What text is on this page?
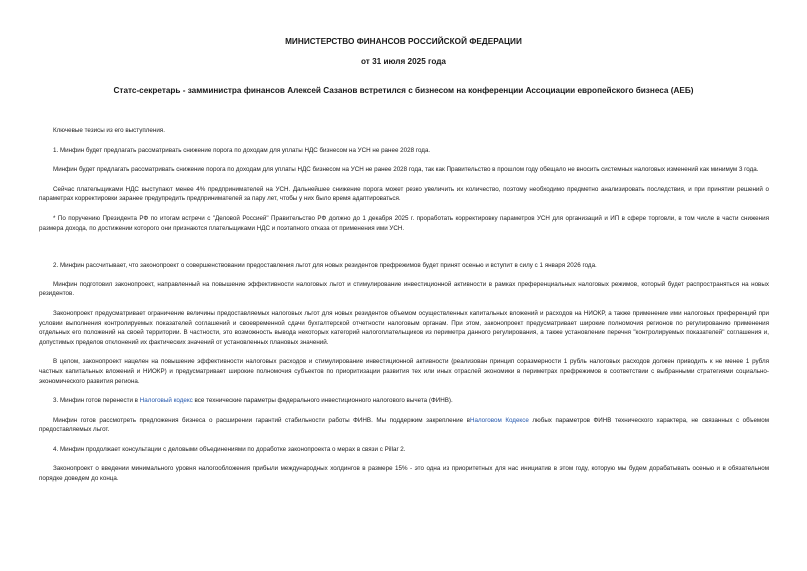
МИНИСТЕРСТВО ФИНАНСОВ РОССИЙСКОЙ ФЕДЕРАЦИИ
от 31 июля 2025 года
Статс-секретарь - замминистра финансов Алексей Сазанов встретился с бизнесом на конференции Ассоциации европейского бизнеса (АЕБ)

Ключевые тезисы из его выступления.

1. Минфин будет предлагать рассматривать снижение порога по доходам для уплаты НДС бизнесом на УСН не ранее 2028 года.

Минфин будет предлагать рассматривать снижение порога по доходам для уплаты НДС бизнесом на УСН не ранее 2028 года, так как Правительство в прошлом году обещало не вносить системных налоговых изменений как минимум 3 года.

Сейчас плательщиками НДС выступают менее 4% предпринимателей на УСН. Дальнейшее снижение порога может резко увеличить их количество, поэтому необходимо предметно анализировать последствия, и при принятии решений о параметрах корректировки заранее предупредить предпринимателей за пару лет, чтобы у них было время адаптироваться.

* По поручению Президента РФ по итогам встречи с "Деловой Россией" Правительство РФ должно до 1 декабря 2025 г. проработать корректировку параметров УСН для организаций и ИП в сфере торговли, в том числе в части снижения размера дохода, по достижении которого они признаются плательщиками НДС и поэтапного отказа от применения ими УСН.

2. Минфин рассчитывает, что законопроект о совершенствовании предоставления льгот для новых резидентов префрежимов будет принят осенью и вступит в силу с 1 января 2026 года.

Минфин подготовил законопроект, направленный на повышение эффективности налоговых льгот и стимулирование инвестиционной активности в рамках преференциальных налоговых режимов, который будет распространяться на новых резидентов.

Законопроект предусматривает ограничение величины предоставляемых налоговых льгот для новых резидентов объемом осуществленных капитальных вложений и расходов на НИОКР, а также применение ими налоговых преференций при условии выполнения контролируемых показателей соглашений и своевременной сдачи бухгалтерской отчетности налоговым органам. При этом, законопроект предусматривает широкие полномочия регионов по регулированию применения отдельных его положений на своей территории. В частности, это возможность вывода некоторых категорий налогоплательщиков из периметра данного регулирования, а также установление перечня "контролируемых показателей" соглашения и, допустимых пределов отклонений их фактических значений от установленных плановых значений.

В целом, законопроект нацелен на повышение эффективности налоговых расходов и стимулирование инвестиционной активности (реализован принцип соразмерности 1 рубль налоговых расходов должен приводить к не менее 1 рубля частных капитальных вложений и НИОКР) и предусматривает широкие полномочия субъектов по приоритизации развития тех или иных отраслей экономики в периметрах префрежимов в соответствии с выбранными стратегиями социально-экономического развития региона.

3. Минфин готов перенести в Налоговый кодекс все технические параметры федерального инвестиционного налогового вычета (ФИНВ).

Минфин готов рассмотреть предложения бизнеса о расширении гарантий стабильности работы ФИНВ. Мы поддержим закрепление вНалоговом Кодексе любых параметров ФИНВ технического характера, не связанных с объемом предоставляемых льгот.

4. Минфин продолжает консультации с деловыми объединениями по доработке законопроекта о мерах в связи с Pillar 2.

Законопроект о введении минимального уровня налогообложения прибыли международных холдингов в размере 15% - это одна из приоритетных для нас инициатив в этом году, которую мы будем дорабатывать осенью и в обязательном порядке доведем до конца.
